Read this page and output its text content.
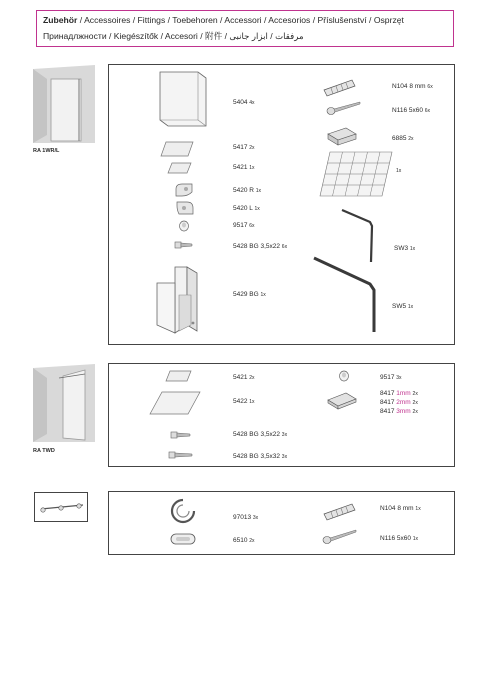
Zubehör / Accessoires / Fittings / Toebehoren / Accessori / Accesorios / Příslušenství / Osprzęt
Принадлжности / Kiegészítők / Accesori / 附件 / مرفقات / ابزار جانبی
RA 1WR/L
5404 4x
5417 2x
5421 1x
5420 R 1x
5420 L 1x
9517 6x
5428 BG 3,5x22 6x
5429 BG 1x
N104 8 mm 6x
N116 5x60 6x
6885 2x
1x
SW3 1x
SW5 1x
RA TWD
5421 2x
5422 1x
5428 BG 3,5x22 3x
5428 BG 3,5x32 3x
9517 3x
8417 1mm 2x
8417 2mm 2x
8417 3mm 2x
97013 3x
6510 2x
N104 8 mm 1x
N116 5x60 1x
